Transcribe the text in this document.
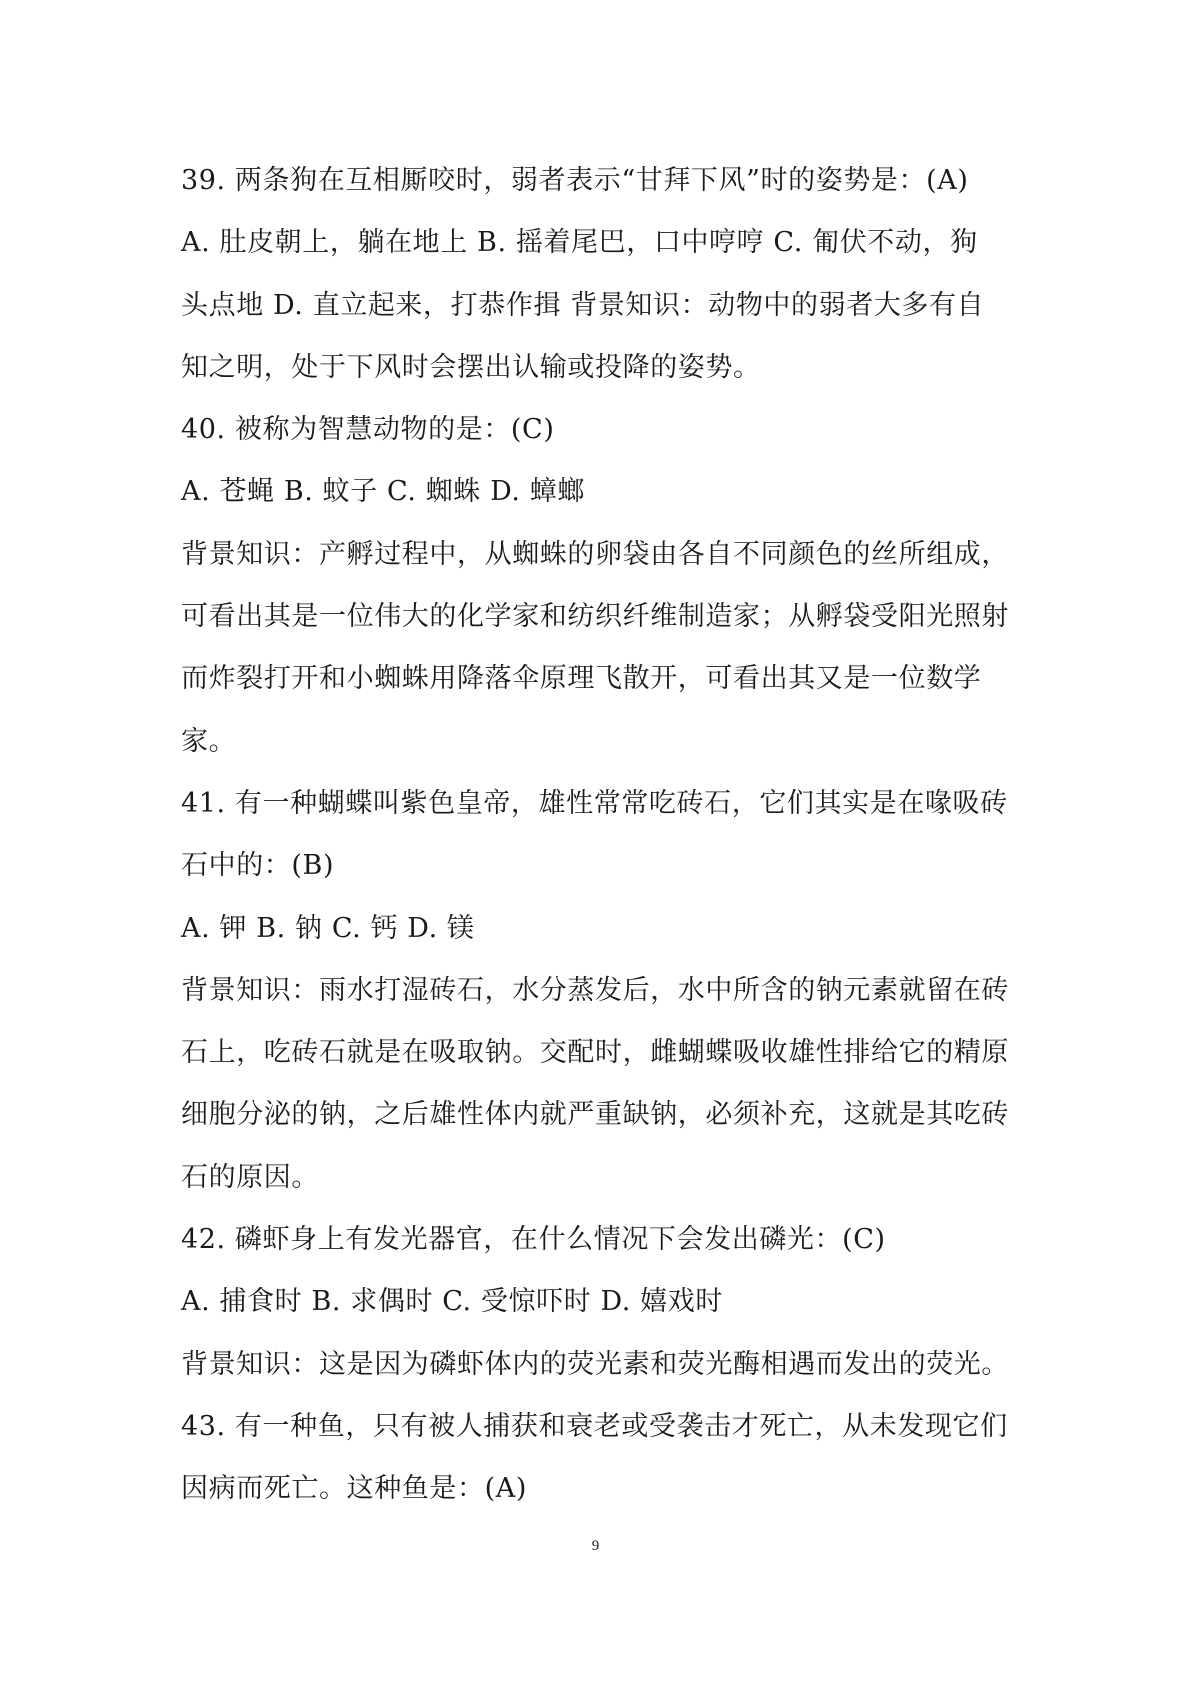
39. 两条狗在互相厮咬时，弱者表示“甘拜下风”时的姿势是：(A)
A. 肚皮朝上，躺在地上 B. 摇着尾巴，口中哼哼 C. 匍伏不动，狗
头点地 D. 直立起来，打恭作揖 背景知识：动物中的弱者大多有自
知之明，处于下风时会摆出认输或投降的姿势。
40. 被称为智慧动物的是：(C)
A. 苍蝇 B. 蚊子 C. 蜘蛛 D. 蟑螂
背景知识：产孵过程中，从蜘蛛的卵袋由各自不同颜色的丝所组成，
可看出其是一位伟大的化学家和纺织纤维制造家；从孵袋受阳光照射
而炸裂打开和小蜘蛛用降落伞原理飞散开，可看出其又是一位数学
家。
41. 有一种蝴蝶叫紫色皇帝，雄性常常吃砖石，它们其实是在喙吸砖
石中的：(B)
A. 钾 B. 钠 C. 钙 D. 镁
背景知识：雨水打湿砖石，水分蒸发后，水中所含的钠元素就留在砖
石上，吃砖石就是在吸取钠。交配时，雌蝴蝶吸收雄性排给它的精原
细胞分泌的钠，之后雄性体内就严重缺钠，必须补充，这就是其吃砖
石的原因。
42. 磷虾身上有发光器官，在什么情况下会发出磷光：(C)
A. 捕食时 B. 求偶时 C. 受惊吓时 D. 嬉戏时
背景知识：这是因为磷虾体内的荧光素和荧光酶相遇而发出的荧光。
43. 有一种鱼，只有被人捕获和衰老或受袭击才死亡，从未发现它们
因病而死亡。这种鱼是：(A)
9
